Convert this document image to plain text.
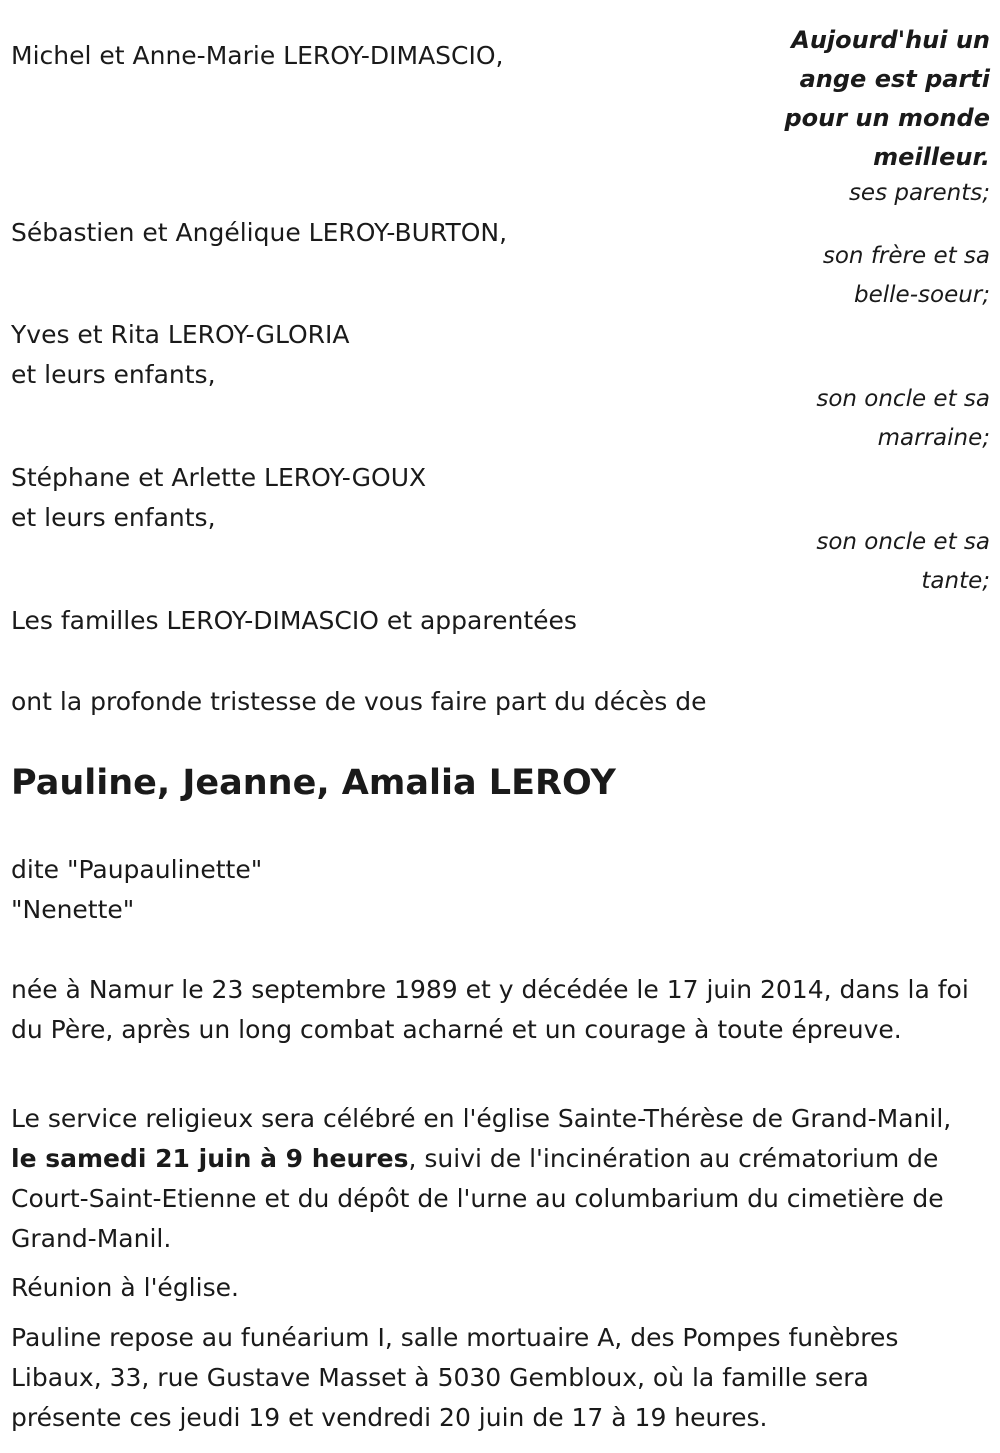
Michel et Anne-Marie LEROY-DIMASCIO,

Sébastien et Angélique LEROY-BURTON,

Yves et Rita LEROY-GLORIA

et leurs enfants,

Stéphane et Arlette LEROY-GOUX

et leurs enfants,

Les familles LEROY-DIMASCIO et apparentées

Aujourd'hui un
ange est parti
pour un monde
meilleur.
ses parents;
son frère et sa
belle-soeur;
son oncle et sa
marraine;
son oncle et sa
tante;

ont la profonde tristesse de vous faire part du décès de

Pauline, Jeanne, Amalia LEROY

dite "Paupaulinette"

"Nenette"

née à Namur le 23 septembre 1989 et y décédée le 17 juin 2014, dans la foi du Père, après un long combat acharné et un courage à toute épreuve.

Le service religieux sera célébré en l'église Sainte-Thérèse de Grand-Manil, le samedi 21 juin à 9 heures, suivi de l'incinération au crématorium de Court-Saint-Etienne et du dépôt de l'urne au columbarium du cimetière de Grand-Manil.

Réunion à l'église.

Pauline repose au funéarium I, salle mortuaire A, des Pompes funèbres Libaux, 33, rue Gustave Masset à 5030 Gembloux, où la famille sera présente ces jeudi 19 et vendredi 20 juin de 17 à 19 heures.
